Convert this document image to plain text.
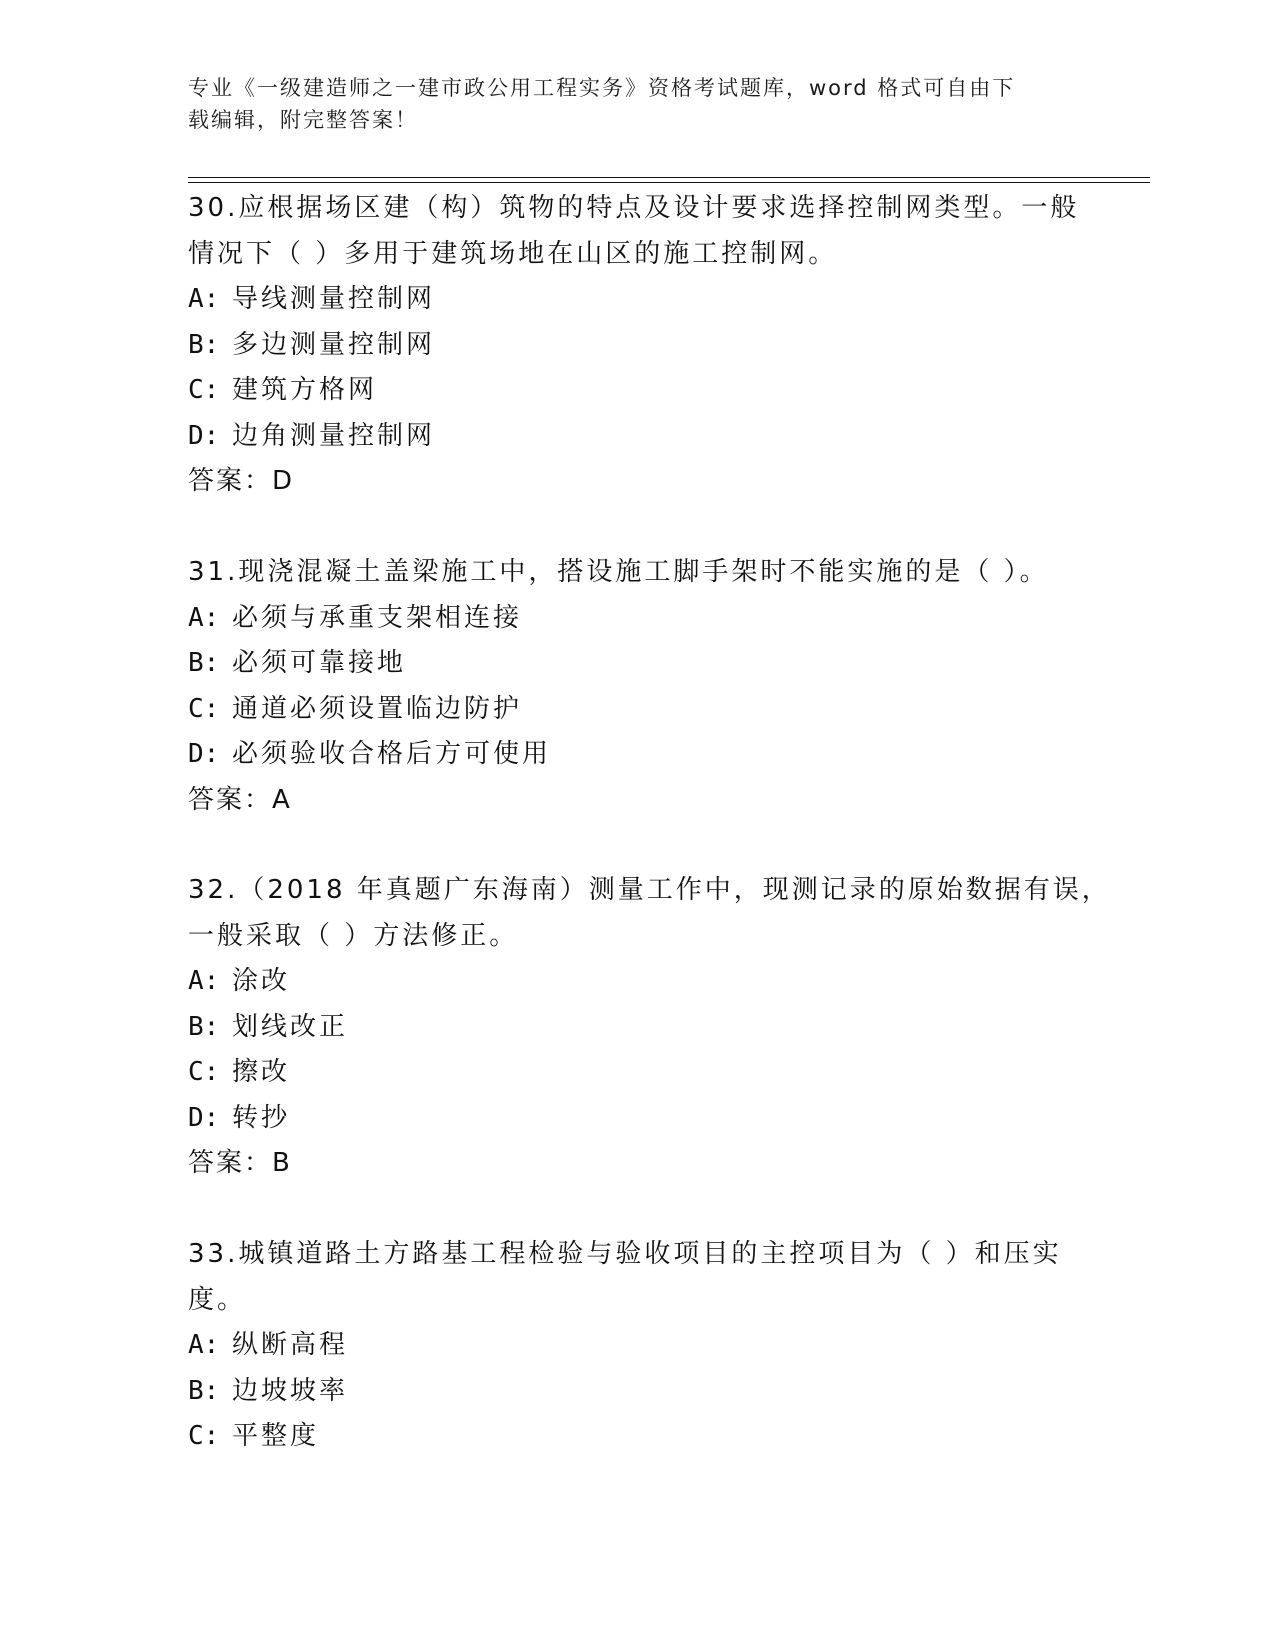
专业《一级建造师之一建市政公用工程实务》资格考试题库，word 格式可自由下
载编辑，附完整答案！
30.应根据场区建（构）筑物的特点及设计要求选择控制网类型。一般
情况下（ ）多用于建筑场地在山区的施工控制网。
A: 导线测量控制网
B: 多边测量控制网
C: 建筑方格网
D: 边角测量控制网
答案：D
31.现浇混凝土盖梁施工中，搭设施工脚手架时不能实施的是（ ）。
A: 必须与承重支架相连接
B: 必须可靠接地
C: 通道必须设置临边防护
D: 必须验收合格后方可使用
答案：A
32.（2018 年真题广东海南）测量工作中，现测记录的原始数据有误，
一般采取（ ）方法修正。
A: 涂改
B: 划线改正
C: 擦改
D: 转抄
答案：B
33.城镇道路土方路基工程检验与验收项目的主控项目为（ ）和压实
度。
A: 纵断高程
B: 边坡坡率
C: 平整度
